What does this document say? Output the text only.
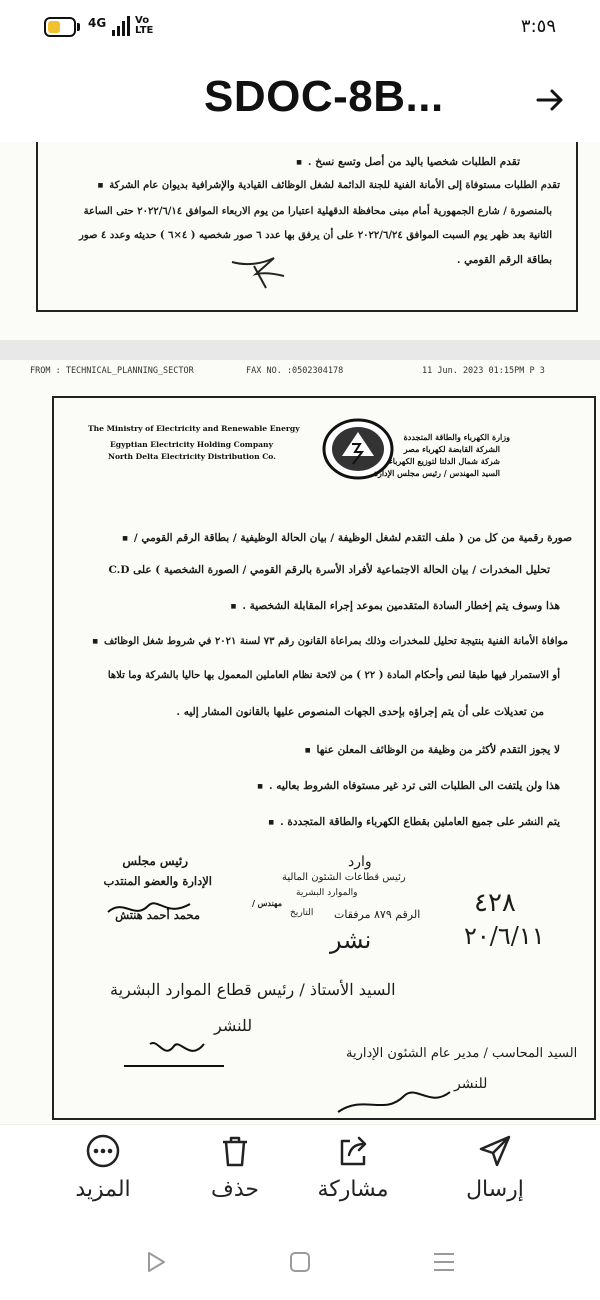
4G	Vo
LTE	٣:٥٩
SDOC-8B...
تقدم الطلبات شخصيا باليد من أصل وتسع نسخ . ■
تقدم الطلبات مستوفاة إلى الأمانة الفنية للجنة الدائمة لشغل الوظائف القيادية والإشرافية بديوان عام الشركة ■
بالمنصورة / شارع الجمهورية أمام مبنى محافظة الدقهلية اعتبارا من يوم الاربعاء الموافق ٢٠٢٢/٦/١٤ حتى الساعة
الثانية بعد ظهر يوم السبت الموافق ٢٠٢٢/٦/٢٤ على أن يرفق بها عدد ٦ صور شخصيه ( ٤×٦ ) حديثه وعدد ٤ صور
بطاقة الرقم القومي .
FROM : TECHNICAL_PLANNING_SECTOR	FAX NO. :0502304178	11 Jun. 2023 01:15PM P 3
The Ministry of Electricity and Renewable Energy
Egyptian Electricity Holding Company
North Delta Electricity Distribution Co.
وزارة الكهرباء والطاقة المتجددة
الشركة القابضة لكهرباء مصر
شركة شمال الدلتا لتوزيع الكهرباء
السيد المهندس / رئيس مجلس الإدارة
صورة رقمية من كل من ( ملف التقدم لشغل الوظيفة / بيان الحالة الوظيفية / بطاقة الرقم القومي / ■
تحليل المخدرات / بيان الحالة الاجتماعية لأفراد الأسرة بالرقم القومي / الصورة الشخصية ) على C.D
هذا وسوف يتم إخطار السادة المتقدمين بموعد إجراء المقابلة الشخصية . ■
موافاة الأمانة الفنية بنتيجة تحليل للمخدرات وذلك بمراعاة القانون رقم ٧٣ لسنة ٢٠٢١ في شروط شغل الوظائف ■
أو الاستمرار فيها طبقا لنص وأحكام المادة ( ٢٢ ) من لائحة نظام العاملين المعمول بها حاليا بالشركة وما تلاها
من تعديلات على أن يتم إجراؤه بإحدى الجهات المنصوص عليها بالقانون المشار إليه .
لا يجوز التقدم لأكثر من وظيفة من الوظائف المعلن عنها ■
هذا ولن يلتفت الى الطلبات التى ترد غير مستوفاه الشروط بعاليه . ■
يتم النشر على جميع العاملين بقطاع الكهرباء والطاقة المتجددة . ■
رئيس مجلس
الإدارة والعضو المنتدب
مهندس /
محمد أحمد هنتش
وارد
رئيس قطاعات الشئون المالية
والموارد البشرية
الرقم ٨٧٩ مرفقات
التاريخ	٤٢٨
٢٠/٦/١١
نشر
السيد الأستاذ / رئيس قطاع الموارد البشرية
للنشر
السيد المحاسب / مدير عام الشئون الإدارية
للنشر
المزيد	حذف	مشاركة	إرسال
